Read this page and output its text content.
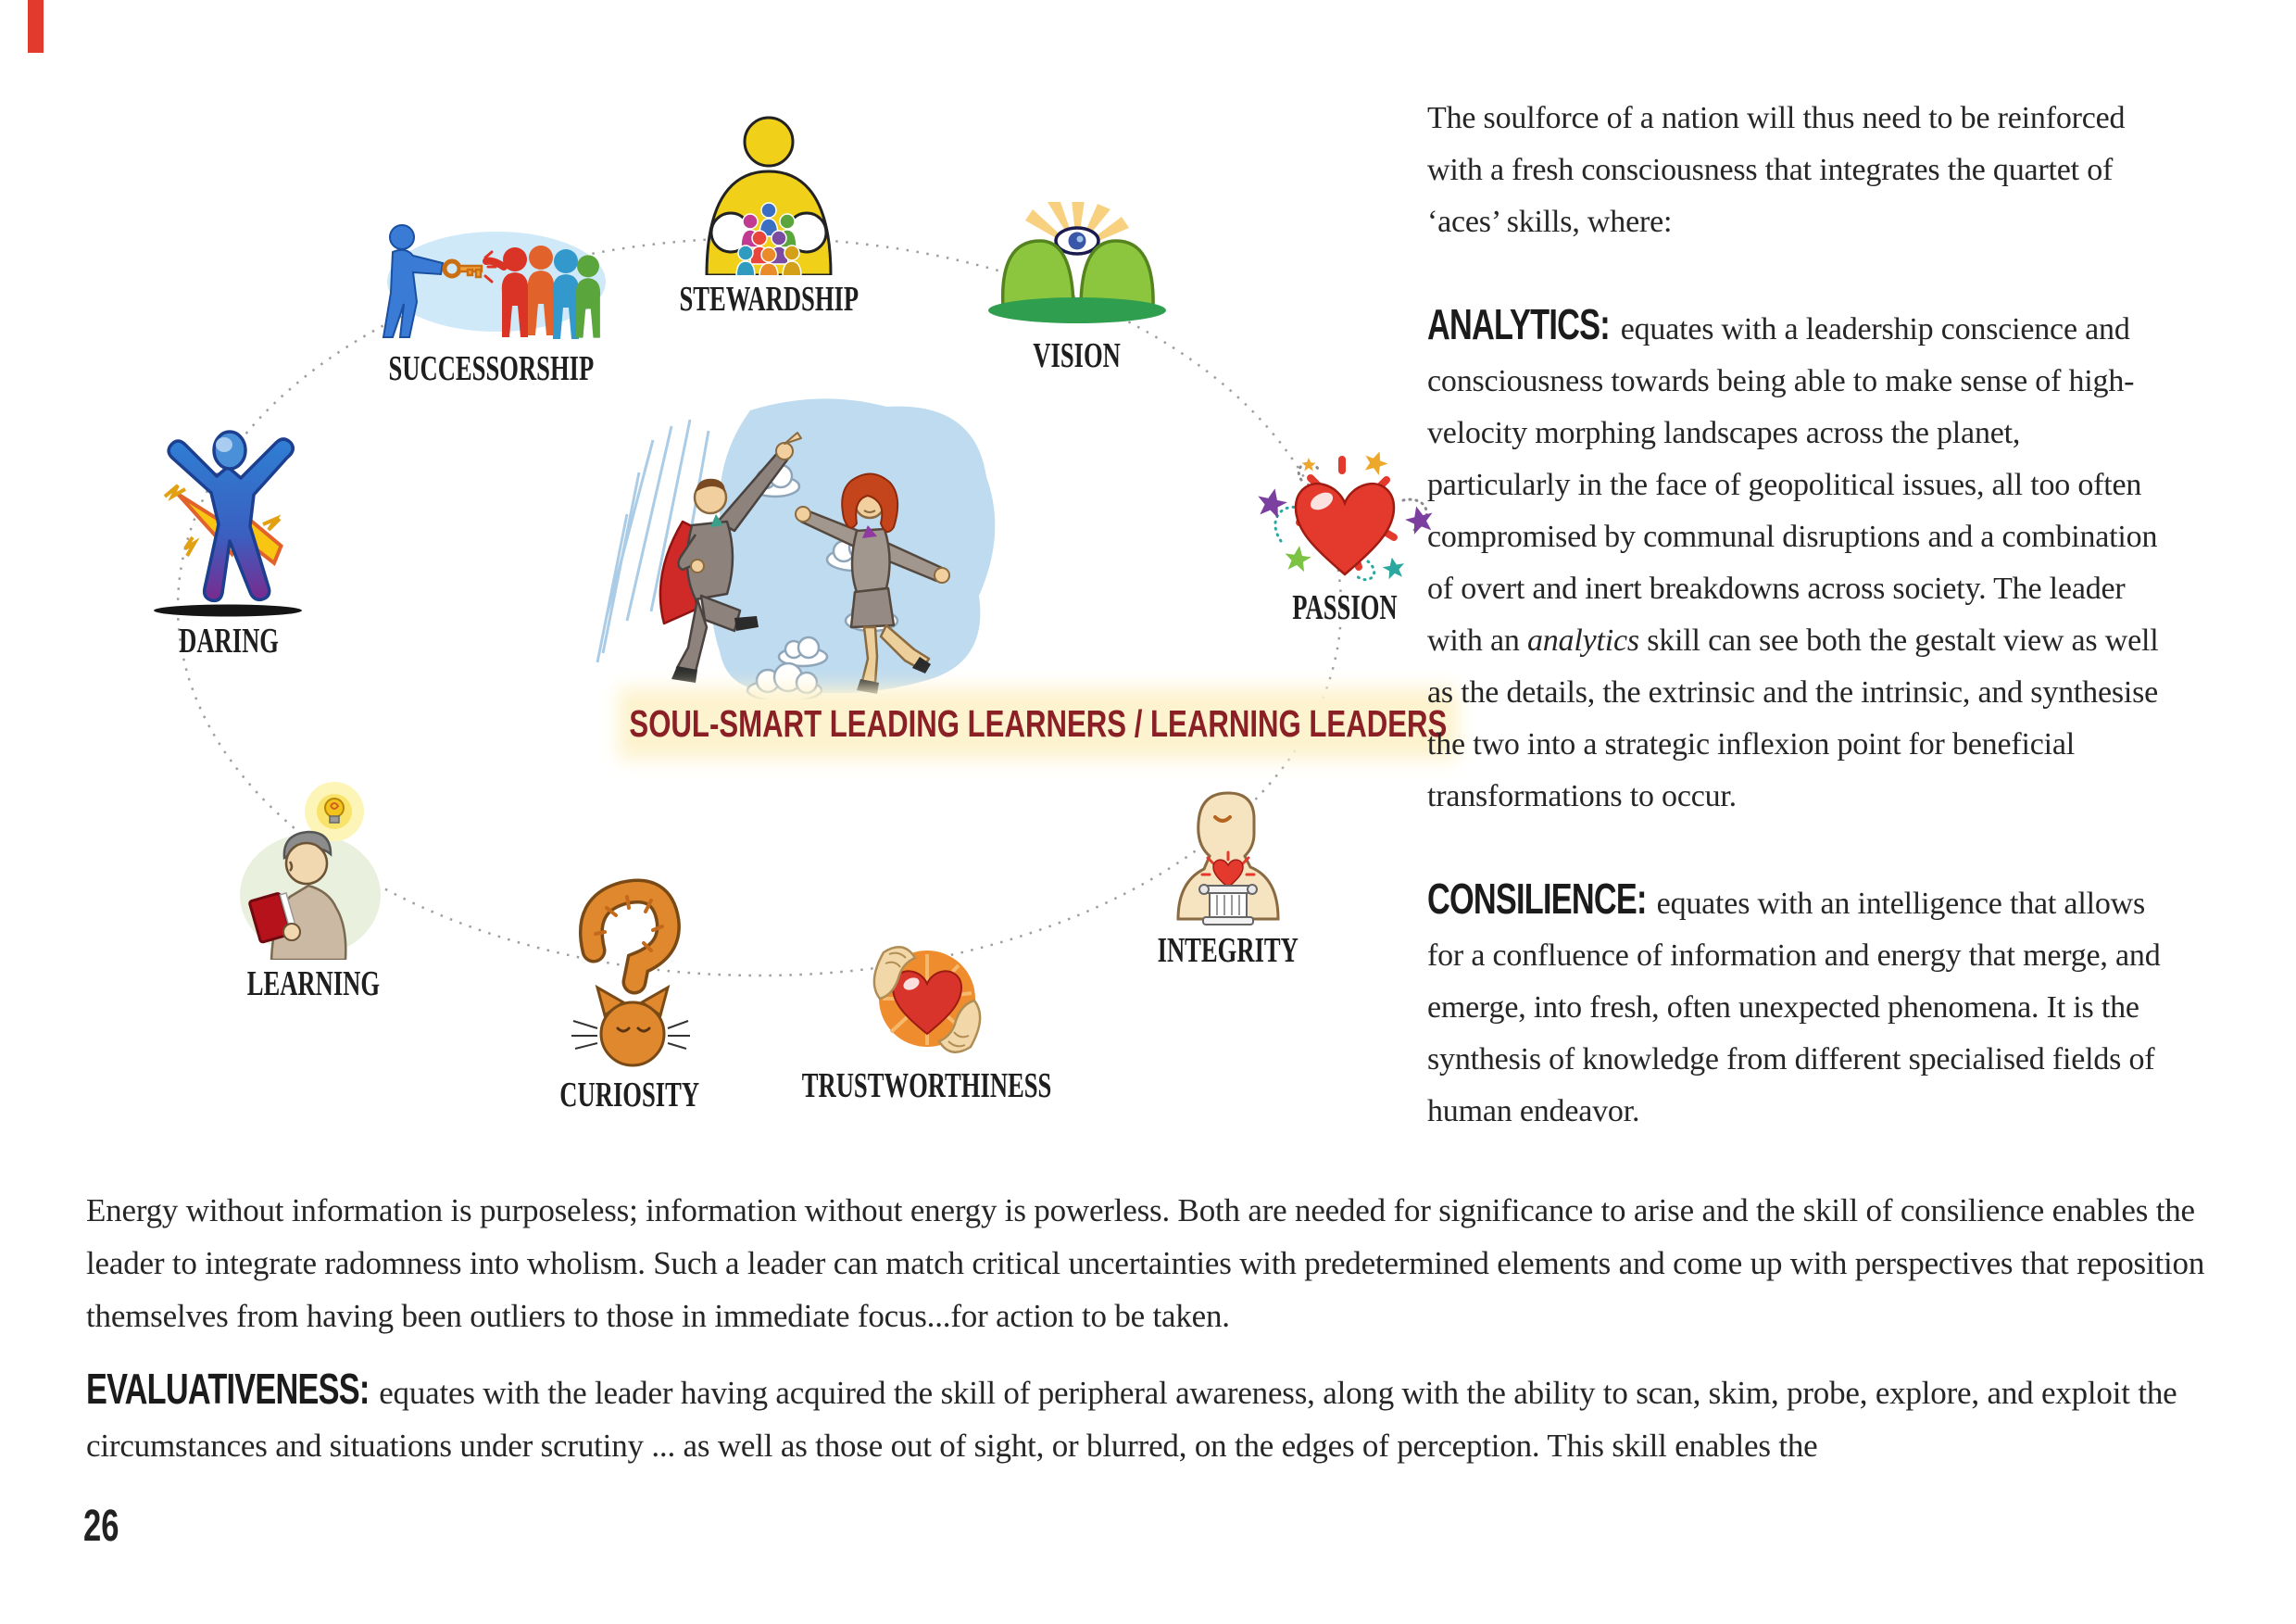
STEWARDSHIP
SUCCESSORSHIP	VISION
PASSION
INTEGRITY
TRUSTWORTHINESS
CURIOSITY
LEARNING
DARING
SOUL-SMART LEADING LEARNERS / LEARNING LEADERS

The soulforce of a nation will thus need to be reinforced with a fresh consciousness that integrates the quartet of ‘aces’ skills, where:

ANALYTICS: equates with a leadership conscience and consciousness towards being able to make sense of high-velocity morphing landscapes across the planet, particularly in the face of geopolitical issues, all too often compromised by communal disruptions and a combination of overt and inert breakdowns across society. The leader with an analytics skill can see both the gestalt view as well as the details, the extrinsic and the intrinsic, and synthesise the two into a strategic inflexion point for beneficial transformations to occur.

CONSILIENCE: equates with an intelligence that allows for a confluence of information and energy that merge, and emerge, into fresh, often unexpected phenomena. It is the synthesis of knowledge from different specialised fields of human endeavor.

Energy without information is purposeless; information without energy is powerless. Both are needed for significance to arise and the skill of consilience enables the leader to integrate radomness into wholism. Such a leader can match critical uncertainties with predetermined elements and come up with perspectives that reposition themselves from having been outliers to those in immediate focus...for action to be taken.
EVALUATIVENESS: equates with the leader having acquired the skill of peripheral awareness, along with the ability to scan, skim, probe, explore, and exploit the circumstances and situations under scrutiny ... as well as those out of sight, or blurred, on the edges of perception. This skill enables the
26
